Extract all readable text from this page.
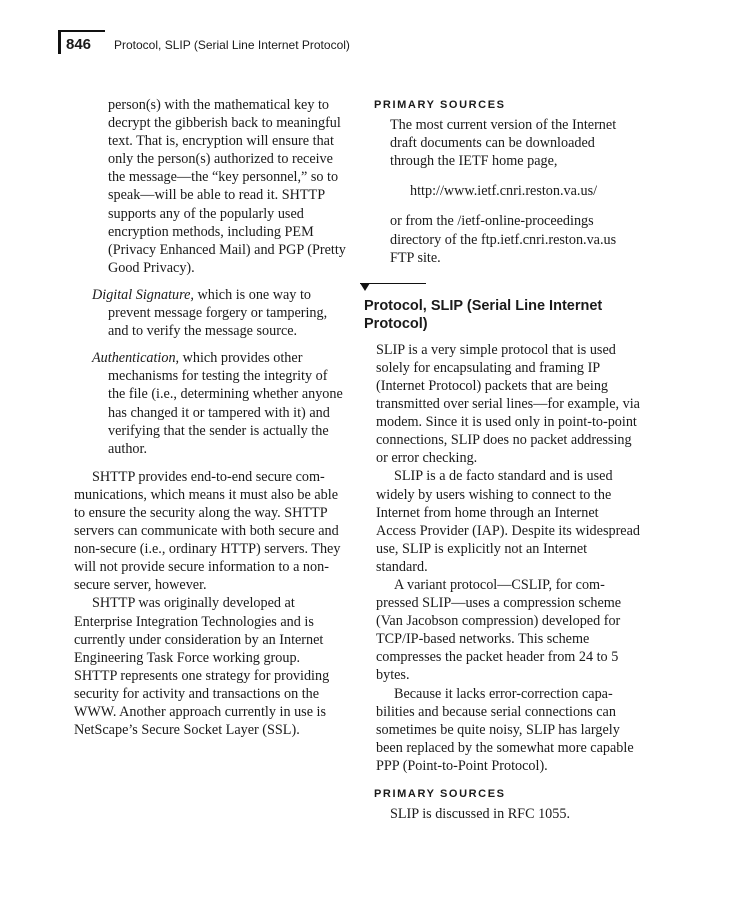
846 Protocol, SLIP (Serial Line Internet Protocol)

person(s) with the mathematical key to decrypt the gibberish back to meaningful text. That is, encryption will ensure that only the person(s) authorized to receive the message—the “key personnel,” so to speak—will be able to read it. SHTTP supports any of the popularly used encryption methods, including PEM (Privacy Enhanced Mail) and PGP (Pretty Good Privacy).

Digital Signature, which is one way to prevent message forgery or tampering, and to verify the message source.

Authentication, which provides other mechanisms for testing the integrity of the file (i.e., determining whether anyone has changed it or tampered with it) and verifying that the sender is actually the author.

SHTTP provides end-to-end secure communications, which means it must also be able to ensure the security along the way. SHTTP servers can communicate with both secure and non-secure (i.e., ordinary HTTP) servers. They will not provide secure information to a non-secure server, however.

SHTTP was originally developed at Enterprise Integration Technologies and is currently under consideration by an Internet Engineering Task Force working group. SHTTP represents one strategy for providing security for activity and transactions on the WWW. Another approach currently in use is NetScape’s Secure Socket Layer (SSL).

PRIMARY SOURCES

The most current version of the Internet draft documents can be downloaded through the IETF home page,

http://www.ietf.cnri.reston.va.us/

or from the /ietf-online-proceedings directory of the ftp.ietf.cnri.reston.va.us FTP site.

Protocol, SLIP (Serial Line Internet Protocol)

SLIP is a very simple protocol that is used solely for encapsulating and framing IP (Internet Protocol) packets that are being transmitted over serial lines—for example, via modem. Since it is used only in point-to-point connections, SLIP does no packet addressing or error checking.

SLIP is a de facto standard and is used widely by users wishing to connect to the Internet from home through an Internet Access Provider (IAP). Despite its widespread use, SLIP is explicitly not an Internet standard.

A variant protocol—CSLIP, for compressed SLIP—uses a compression scheme (Van Jacobson compression) developed for TCP/IP-based networks. This scheme compresses the packet header from 24 to 5 bytes.

Because it lacks error-correction capabilities and because serial connections can sometimes be quite noisy, SLIP has largely been replaced by the somewhat more capable PPP (Point-to-Point Protocol).

PRIMARY SOURCES

SLIP is discussed in RFC 1055.
